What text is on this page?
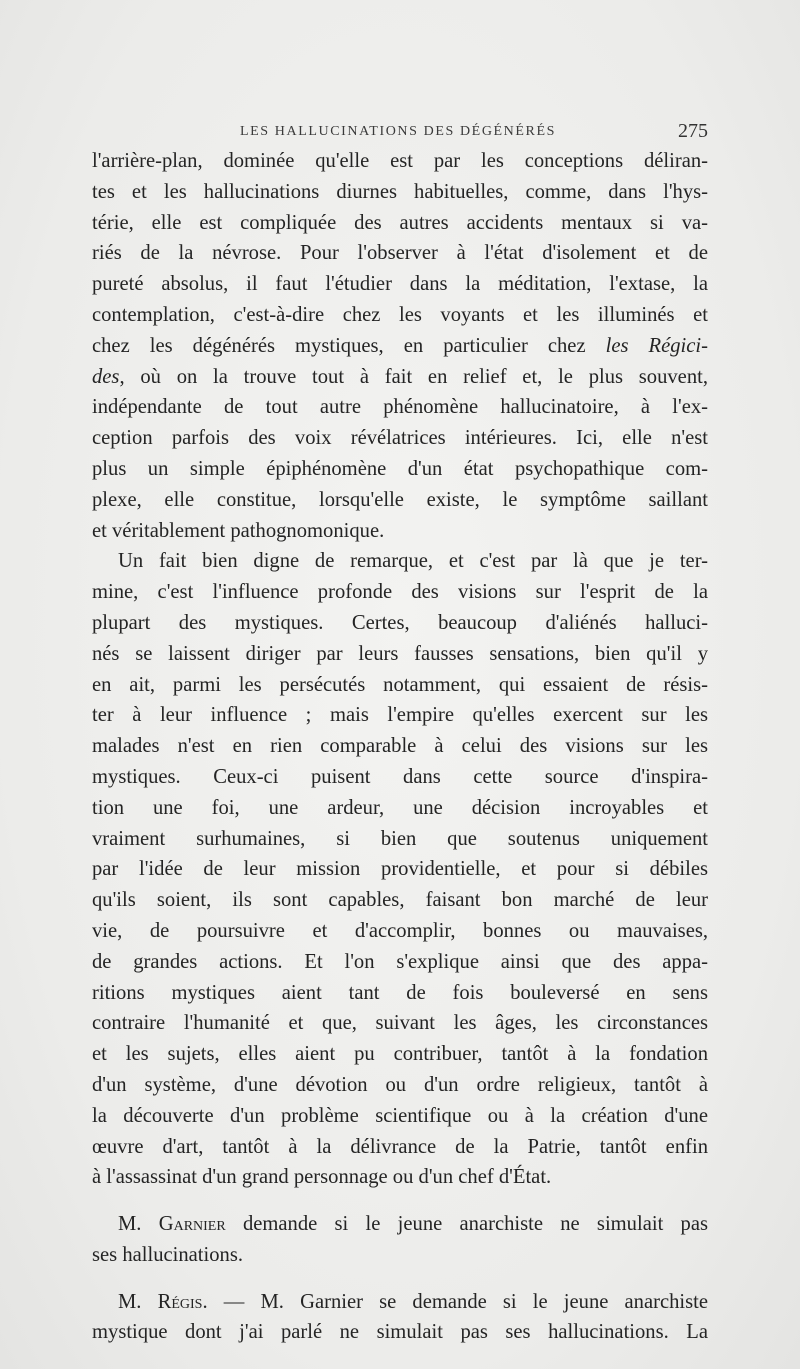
LES HALLUCINATIONS DES DÉGÉNÉRÉS	275
l'arrière-plan, dominée qu'elle est par les conceptions déliran-
tes et les hallucinations diurnes habituelles, comme, dans l'hys-
térie, elle est compliquée des autres accidents mentaux si va-
riés de la névrose. Pour l'observer à l'état d'isolement et de
pureté absolus, il faut l'étudier dans la méditation, l'extase, la
contemplation, c'est-à-dire chez les voyants et les illuminés et
chez les dégénérés mystiques, en particulier chez les Régici-
des, où on la trouve tout à fait en relief et, le plus souvent,
indépendante de tout autre phénomène hallucinatoire, à l'ex-
ception parfois des voix révélatrices intérieures. Ici, elle n'est
plus un simple épiphénomène d'un état psychopathique com-
plexe, elle constitue, lorsqu'elle existe, le symptôme saillant
et véritablement pathognomonique.
Un fait bien digne de remarque, et c'est par là que je ter-
mine, c'est l'influence profonde des visions sur l'esprit de la
plupart des mystiques. Certes, beaucoup d'aliénés halluci-
nés se laissent diriger par leurs fausses sensations, bien qu'il y
en ait, parmi les persécutés notamment, qui essaient de résis-
ter à leur influence ; mais l'empire qu'elles exercent sur les
malades n'est en rien comparable à celui des visions sur les
mystiques. Ceux-ci puisent dans cette source d'inspira-
tion une foi, une ardeur, une décision incroyables et
vraiment surhumaines, si bien que soutenus uniquement
par l'idée de leur mission providentielle, et pour si débiles
qu'ils soient, ils sont capables, faisant bon marché de leur
vie, de poursuivre et d'accomplir, bonnes ou mauvaises,
de grandes actions. Et l'on s'explique ainsi que des appa-
ritions mystiques aient tant de fois bouleversé en sens
contraire l'humanité et que, suivant les âges, les circonstances
et les sujets, elles aient pu contribuer, tantôt à la fondation
d'un système, d'une dévotion ou d'un ordre religieux, tantôt à
la découverte d'un problème scientifique ou à la création d'une
œuvre d'art, tantôt à la délivrance de la Patrie, tantôt enfin
à l'assassinat d'un grand personnage ou d'un chef d'État.
M. Garnier demande si le jeune anarchiste ne simulait pas
ses hallucinations.
M. Régis. — M. Garnier se demande si le jeune anarchiste
mystique dont j'ai parlé ne simulait pas ses hallucinations. La
